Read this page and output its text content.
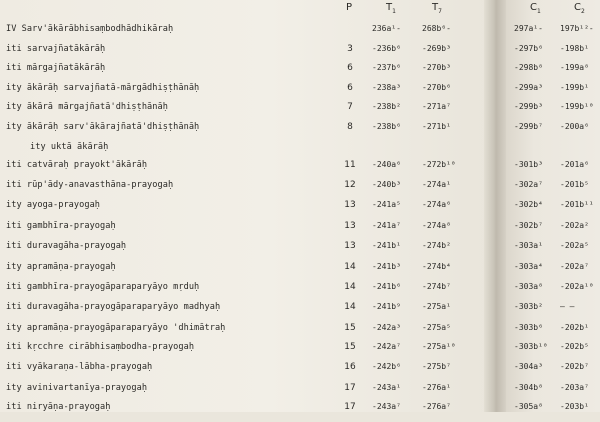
P	$T_1$	$T_7$	$C_1$	$C_2$
IV Sarv'ākārābhisaṃbodhādhikāraḥ	236a¹-	268b⁶-	297a¹- 197b¹²-
iti sarvajñatākārāḥ	3	-236b⁶	-269b³	-297b⁶ -198b¹
iti mārgajñatākārāḥ	6	-237b⁶	-270b³	-298b⁸ -199a⁸
ity ākārāḥ sarvajñatā-mārgādhiṣṭhānāḥ	6	-238a³	-270b⁶	-299a³ -199b¹
ity ākārā mārgajñatā'dhiṣṭhānāḥ	7	-238b²	-271a⁷	-299b³ -199b¹⁰
ity ākārāḥ sarv'ākārajñatā'dhiṣṭhānāḥ	8	-238b⁶	-271b¹	-299b⁷ -200a⁶
ity uktā ākārāḥ
iti catvāraḥ prayokt'ākārāḥ	11	-240a⁶	-272b¹⁰	-301b³ -201a⁶
iti rūp'ādy-anavasthāna-prayogaḥ	12	-240b³	-274a¹	-302a⁷ -201b⁵
ity ayoga-prayogaḥ	13	-241a⁵	-274a⁶	-302b⁴ -201b¹¹
iti gambhīra-prayogaḥ	13	-241a⁷	-274a⁸	-302b⁷ -202a²
iti duravagāha-prayogaḥ	13	-241b¹	-274b²	-303a¹ -202a⁵
ity apramāṇa-prayogaḥ	14	-241b³	-274b⁴	-303a⁴ -202a⁷
iti gambhīra-prayogāparaparyāyo mṛduḥ	14	-241b⁶	-274b⁷	-303a⁸ -202a¹⁰
iti duravagāha-prayogāparaparyāyo madhyaḥ	14	-241b⁹	-275a¹	-303b² – –
ity apramāṇa-prayogāparaparyāyo 'dhimātraḥ	15	-242a³	-275a⁵	-303b⁶ -202b¹
iti kṛcchre cirābhisaṃbodha-prayogaḥ	15	-242a⁷	-275a¹⁰	-303b¹⁰ -202b⁵
iti vyākaraṇa-lābha-prayogaḥ	16	-242b⁶	-275b⁷	-304a³ -202b⁷
ity avinivartanīya-prayogaḥ	17	-243a¹	-276a¹	-304b⁸ -203a⁷
iti niryāṇa-prayogaḥ	17	-243a⁷	-276a⁷	-305a⁸ -203b¹
